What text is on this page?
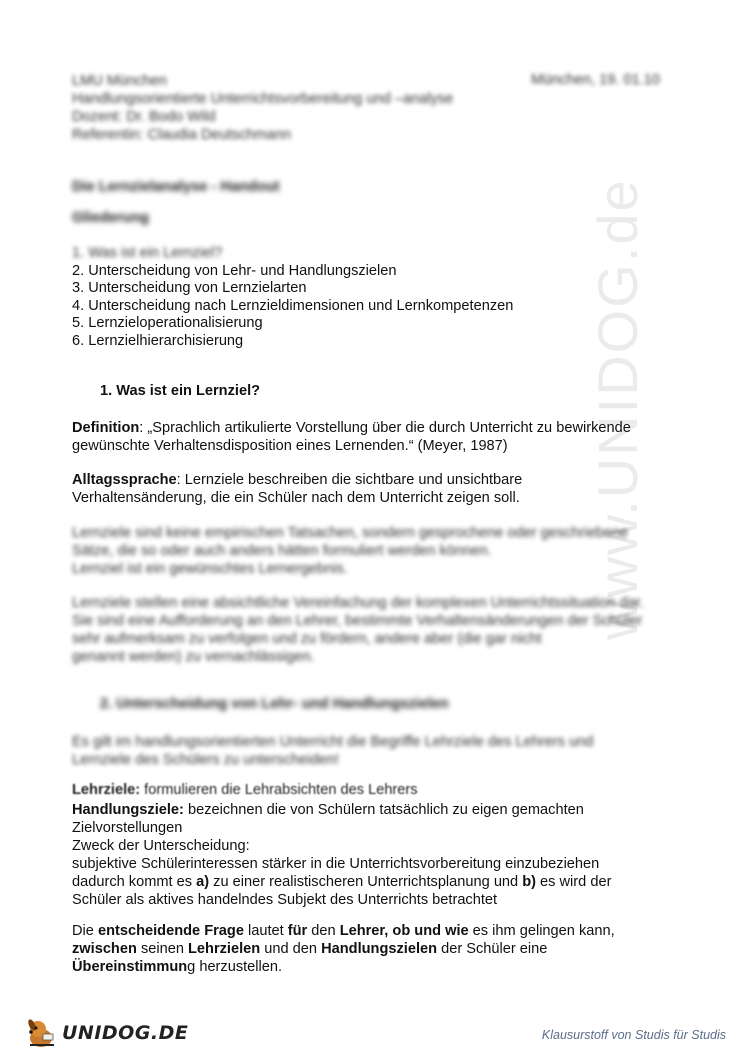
www.UNIDOG.de
LMU München
Handlungsorientierte Unterrichtsvorbereitung und –analyse
Dozent: Dr. Bodo Wild
Referentin: Claudia Deutschmann
München, 19. 01.10
Die Lernzielanalyse - Handout
Gliederung
1. Was ist ein Lernziel?
2. Unterscheidung von Lehr- und Handlungszielen
3. Unterscheidung von Lernzielarten
4. Unterscheidung nach Lernzieldimensionen und Lernkompetenzen
5. Lernzieloperationalisierung
6. Lernzielhierarchisierung
1. Was ist ein Lernziel?
Definition: „Sprachlich artikulierte Vorstellung über die durch Unterricht zu bewirkende
gewünschte Verhaltensdisposition eines Lernenden.“ (Meyer, 1987)
Alltagssprache: Lernziele beschreiben die sichtbare und unsichtbare
Verhaltensänderung, die ein Schüler nach dem Unterricht zeigen soll.
Lernziele sind keine empirischen Tatsachen, sondern gesprochene oder geschriebene
Sätze, die so oder auch anders hätten formuliert werden können.
Lernziel ist ein gewünschtes Lernergebnis.
Lernziele stellen eine absichtliche Vereinfachung der komplexen Unterrichtssituation dar.
Sie sind eine Aufforderung an den Lehrer, bestimmte Verhaltensänderungen der Schüler
sehr aufmerksam zu verfolgen und zu fördern, andere aber (die gar nicht
genannt werden) zu vernachlässigen.
2. Unterscheidung von Lehr- und Handlungszielen
Es gilt im handlungsorientierten Unterricht die Begriffe Lehrziele des Lehrers und
Lernziele des Schülers zu unterscheiden!
Lehrziele: formulieren die Lehrabsichten des Lehrers
Handlungsziele: bezeichnen die von Schülern tatsächlich zu eigen gemachten
Zielvorstellungen
Zweck der Unterscheidung:
subjektive Schülerinteressen stärker in die Unterrichtsvorbereitung einzubeziehen
dadurch kommt es a) zu einer realistischeren Unterrichtsplanung und b) es wird der
Schüler als aktives handelndes Subjekt des Unterrichts betrachtet
Die entscheidende Frage lautet für den Lehrer, ob und wie es ihm gelingen kann,
zwischen seinen Lehrzielen und den Handlungszielen der Schüler eine
Übereinstimmung herzustellen.
UNIDOG.DE	Klausurstoff von Studis für Studis
